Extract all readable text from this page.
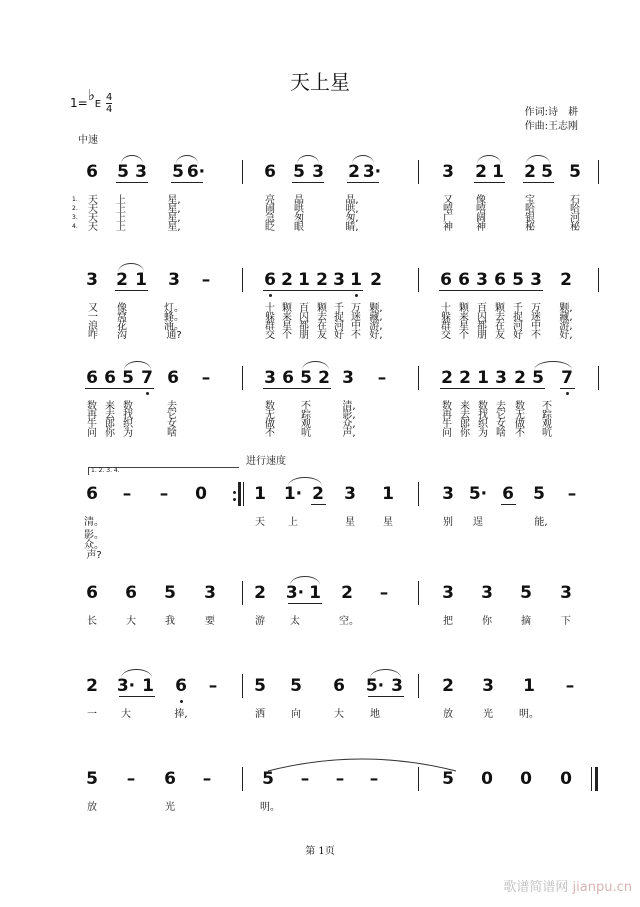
天上星
1=♭E $\frac{4}{4}$	作词:诗　耕
作曲:王志刚
中速
6 5 3 5 6·	6 5 3 2 3·	3 2 1 2 5 5
1.
2.
3.
4.
天 上	星,	亮 晶	晶,	又 像	宝	石
天 上	星,	闹 哄	哄,	嘻 嘻	哈	哈
天 上	星,	急 匆	匆,	广 阔	银	河
天 上	星,	眨 眼	睛,	神 神	秘	秘
3 2 1 3 –	6 2 1 2 3 1 2	6 6 3 6 5 3 2
又 像	灯。	十 颗 百 颗 千 万 颗,	十 颗 百 颗 千 万 颗,
一 窝	蜂。	躲 来 闪 去 捉 迷 藏,	躲 来 闪 去 捉 迷 藏,
浪 花	涌。	群 星 都 在 河 中 游,	群 星 都 在 河 中 游,
咋 沟	通?	交 个 朋 友 好 不 好,	交 个 朋 友 好 不 好,
6 6 5 7 6 –	3 6 5 2 3 –	2 2 1 3 2 5 7
数 来 数	去	数	不	清,	数 来 数 去 数 不
再 去 找	它	无	踪	影,	再 去 找 它 无 踪
牛 郎 织	女	做	观	众,	牛 郎 织 女 做 观
问 你 为	啥	不	吭	声,	问 你 为 啥 不 吭
进行速度
1. 2. 3. 4.
6 – – 0	1 1· 2 3 1	3 5· 6 5 –
清。
影。
众。
声?
天 上	星	星	别 逞	能,
6 6 5 3 2 3· 1 2 –	3 3 5 3
长	大	我	要	游	太	空。	把	你	摘	下
2 3· 1 6 – 5 5 6 5· 3 2 3 1 –
一 大	捧,	洒	向	大	地	放	光	明。
5 – 6 –	5 – – –	5 0 0 0
放	光	明。
第 1页
歌谱简谱网 jianpu.cn
